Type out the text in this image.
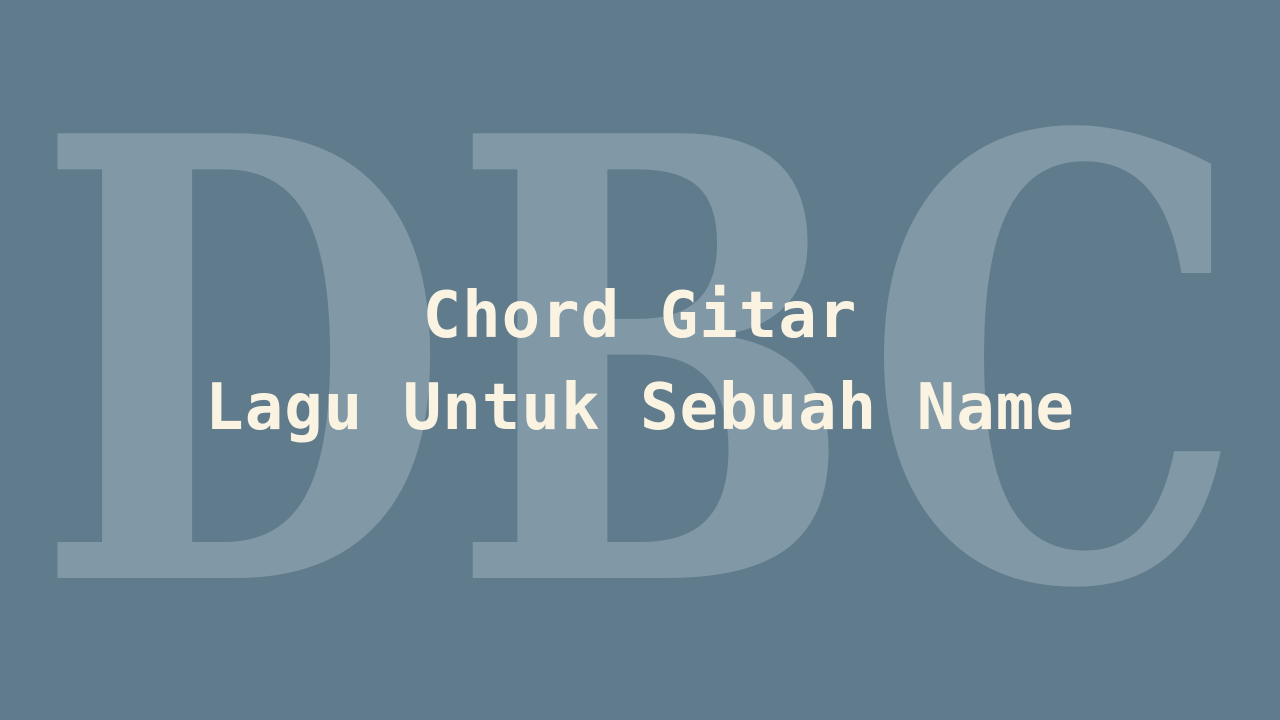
DBC
Chord Gitar
Lagu Untuk Sebuah Name
